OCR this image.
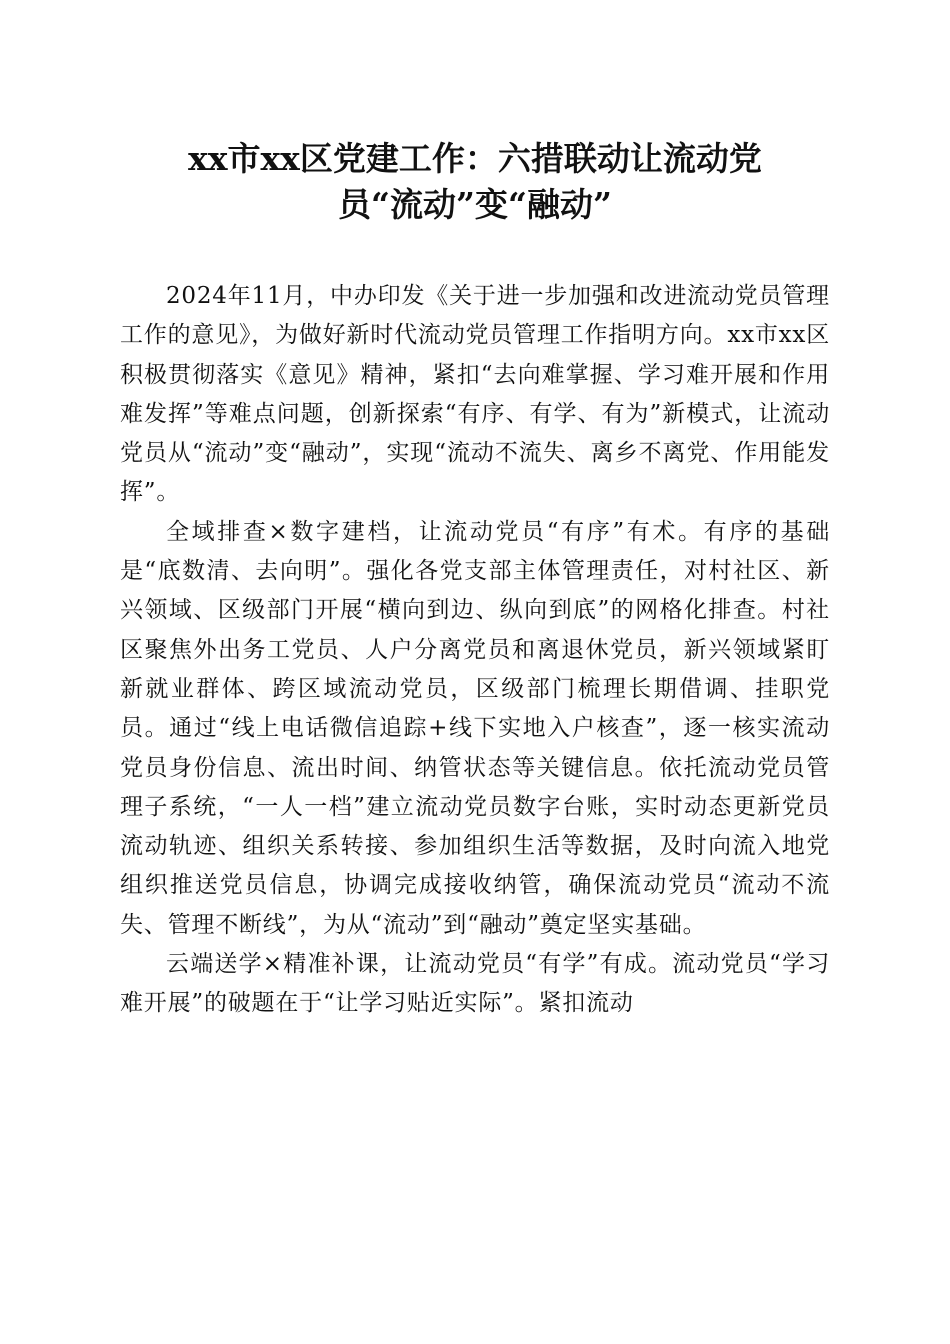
xx市xx区党建工作：六措联动让流动党
员“流动”变“融动”

2024年11月，中办印发《关于进一步加强和改进流动党员管理工作的意见》，为做好新时代流动党员管理工作指明方向。xx市xx区积极贯彻落实《意见》精神，紧扣“去向难掌握、学习难开展和作用难发挥”等难点问题，创新探索“有序、有学、有为”新模式，让流动党员从“流动”变“融动”，实现“流动不流失、离乡不离党、作用能发挥”。

全域排查×数字建档，让流动党员“有序”有术。有序的基础是“底数清、去向明”。强化各党支部主体管理责任，对村社区、新兴领域、区级部门开展“横向到边、纵向到底”的网格化排查。村社区聚焦外出务工党员、人户分离党员和离退休党员，新兴领域紧盯新就业群体、跨区域流动党员，区级部门梳理长期借调、挂职党员。通过“线上电话微信追踪+线下实地入户核查”，逐一核实流动党员身份信息、流出时间、纳管状态等关键信息。依托流动党员管理子系统，“一人一档”建立流动党员数字台账，实时动态更新党员流动轨迹、组织关系转接、参加组织生活等数据，及时向流入地党组织推送党员信息，协调完成接收纳管，确保流动党员“流动不流失、管理不断线”，为从“流动”到“融动”奠定坚实基础。

云端送学×精准补课，让流动党员“有学”有成。流动党员“学习难开展”的破题在于“让学习贴近实际”。紧扣流动
